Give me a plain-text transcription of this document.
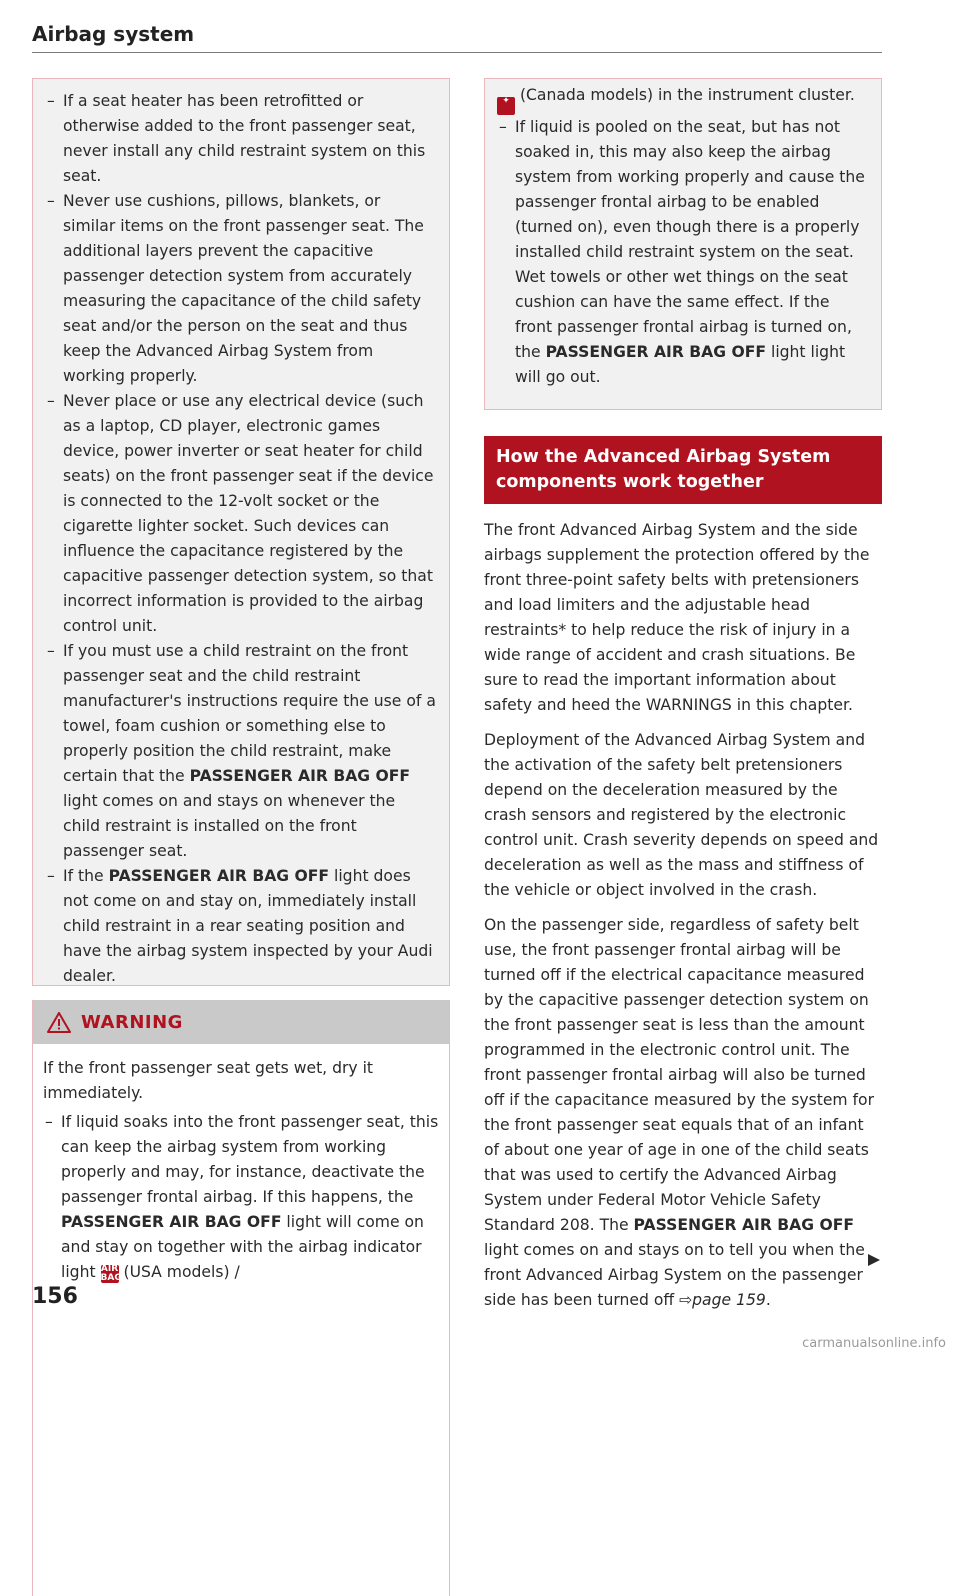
Airbag system

– If a seat heater has been retrofitted or otherwise added to the front passenger seat, never install any child restraint system on this seat.

– Never use cushions, pillows, blankets, or similar items on the front passenger seat. The additional layers prevent the capacitive passenger detection system from accurately measuring the capacitance of the child safety seat and/or the person on the seat and thus keep the Advanced Airbag System from working properly.

– Never place or use any electrical device (such as a laptop, CD player, electronic games device, power inverter or seat heater for child seats) on the front passenger seat if the device is connected to the 12-volt socket or the cigarette lighter socket. Such devices can influence the capacitance registered by the capacitive passenger detection system, so that incorrect information is provided to the airbag control unit.

– If you must use a child restraint on the front passenger seat and the child restraint manufacturer's instructions require the use of a towel, foam cushion or something else to properly position the child restraint, make certain that the PASSENGER AIR BAG OFF light comes on and stays on whenever the child restraint is installed on the front passenger seat.

– If the PASSENGER AIR BAG OFF light does not come on and stay on, immediately install child restraint in a rear seating position and have the airbag system inspected by your Audi dealer.

WARNING

If the front passenger seat gets wet, dry it immediately.

– If liquid soaks into the front passenger seat, this can keep the airbag system from working properly and may, for instance, deactivate the passenger frontal airbag. If this happens, the PASSENGER AIR BAG OFF light will come on and stay on together with the airbag indicator light AIR
BAG (USA models) /

✦ (Canada models) in the instrument cluster.

– If liquid is pooled on the seat, but has not soaked in, this may also keep the airbag system from working properly and cause the passenger frontal airbag to be enabled (turned on), even though there is a properly installed child restraint system on the seat. Wet towels or other wet things on the seat cushion can have the same effect. If the front passenger frontal airbag is turned on, the PASSENGER AIR BAG OFF light light will go out.

How the Advanced Airbag System components work together

The front Advanced Airbag System and the side airbags supplement the protection offered by the front three-point safety belts with pretensioners and load limiters and the adjustable head restraints* to help reduce the risk of injury in a wide range of accident and crash situations. Be sure to read the important information about safety and heed the WARNINGS in this chapter.

Deployment of the Advanced Airbag System and the activation of the safety belt pretensioners depend on the deceleration measured by the crash sensors and registered by the electronic control unit. Crash severity depends on speed and deceleration as well as the mass and stiffness of the vehicle or object involved in the crash.

On the passenger side, regardless of safety belt use, the front passenger frontal airbag will be turned off if the electrical capacitance measured by the capacitive passenger detection system on the front passenger seat is less than the amount programmed in the electronic control unit. The front passenger frontal airbag will also be turned off if the capacitance measured by the system for the front passenger seat equals that of an infant of about one year of age in one of the child seats that was used to certify the Advanced Airbag System under Federal Motor Vehicle Safety Standard 208. The PASSENGER AIR BAG OFF light comes on and stays on to tell you when the front Advanced Airbag System on the passenger side has been turned off ⇨page 159.

156
carmanualsonline.info
